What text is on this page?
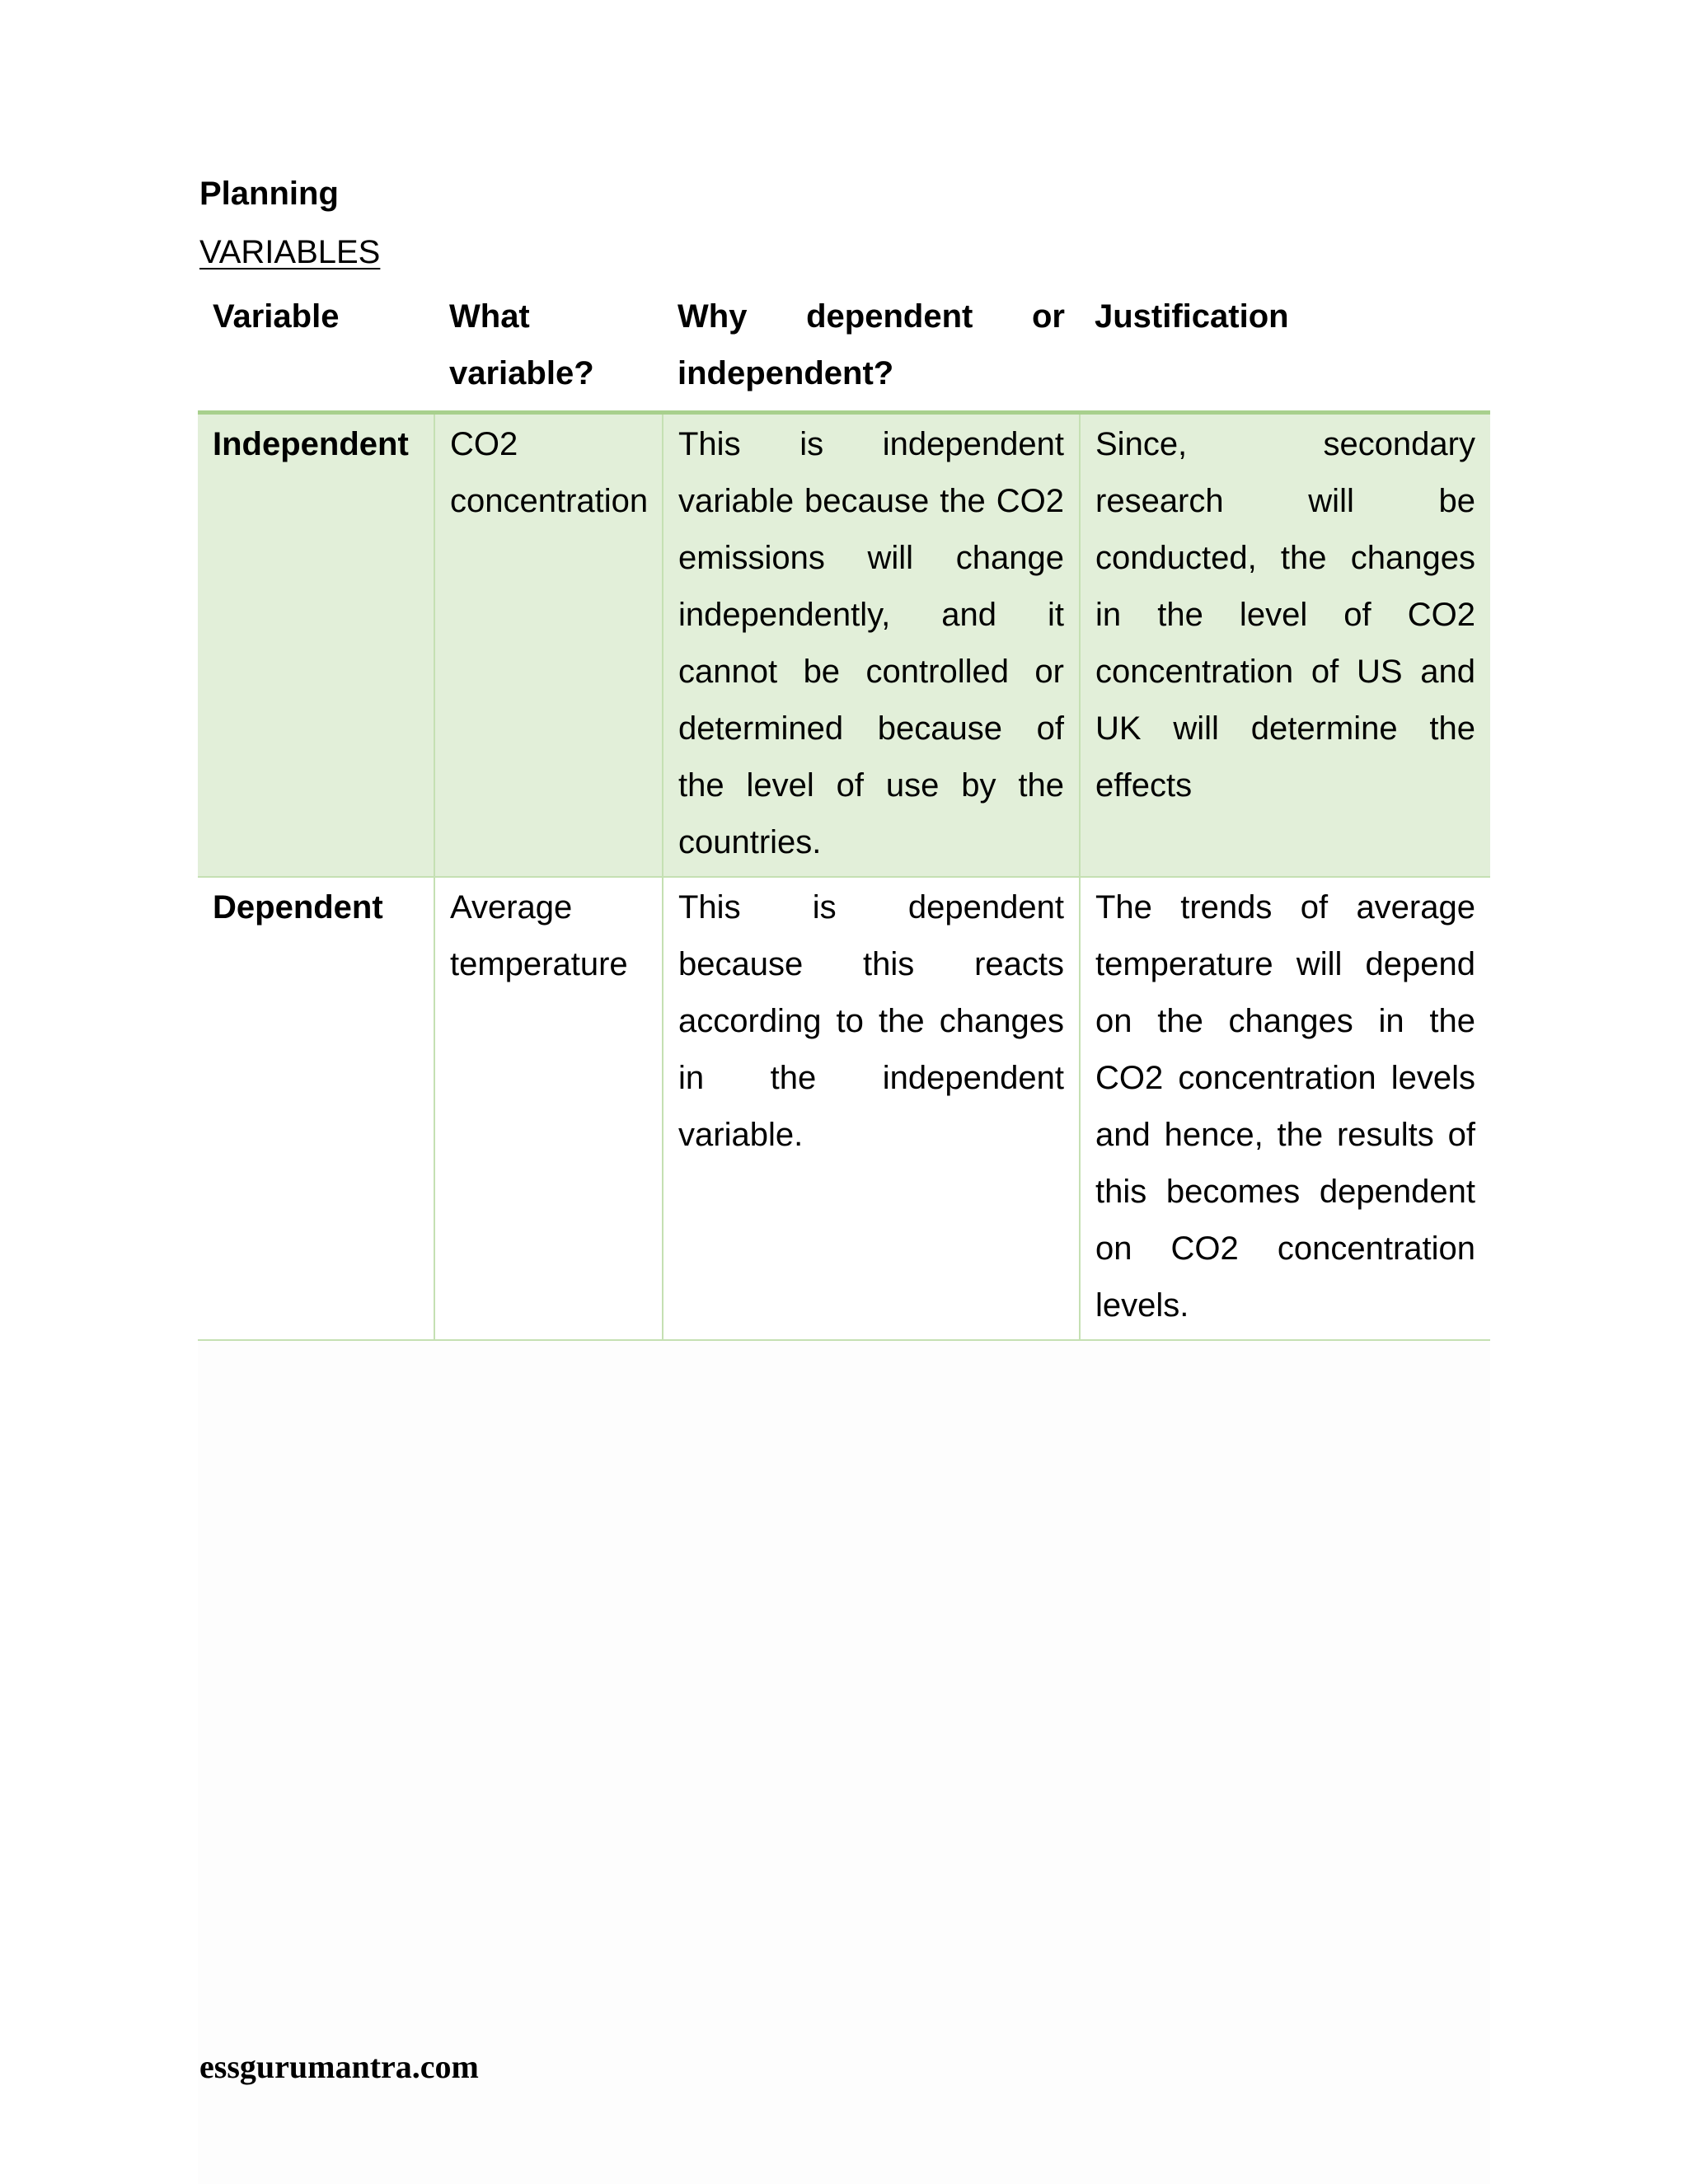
Planning
VARIABLES
Variable	What variable?	Why dependent or independent?	Justification
Independent	CO2 concentration	This is independent variable because the CO2 emissions will change independently, and it cannot be controlled or determined because of the level of use by the countries.	Since, secondary research will be conducted, the changes in the level of CO2 concentration of US and UK will determine the effects
Dependent	Average temperature	This is dependent because this reacts according to the changes in the independent variable.	The trends of average temperature will depend on the changes in the CO2 concentration levels and hence, the results of this becomes dependent on CO2 concentration levels.
essgurumantra.com
